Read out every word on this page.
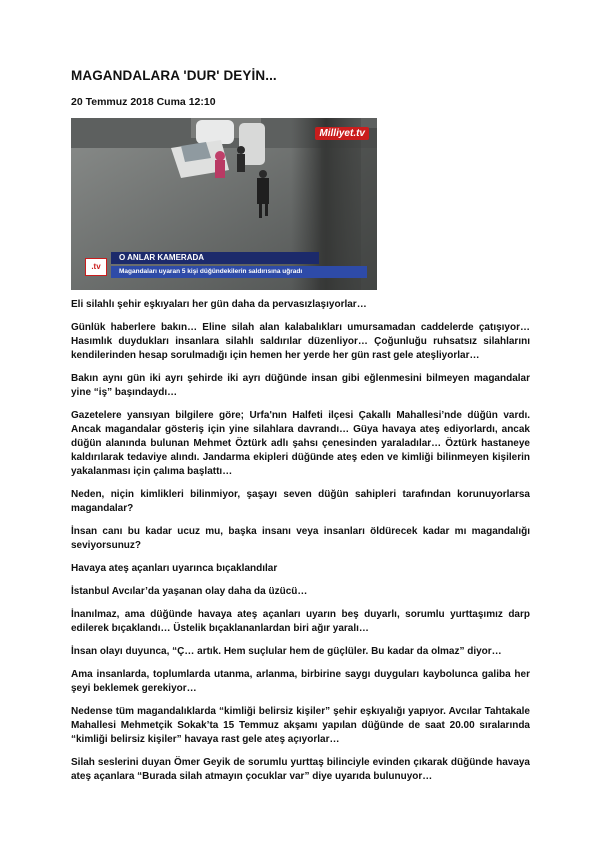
MAGANDALARA 'DUR' DEYİN...
20 Temmuz 2018 Cuma 12:10
Milliyet.tv
.tv
O ANLAR KAMERADA
Magandaları uyaran 5 kişi düğündekilerin saldırısına uğradı

Eli silahlı şehir eşkıyaları her gün daha da pervasızlaşıyorlar…

Günlük haberlere bakın… Eline silah alan kalabalıkları umursamadan caddelerde çatışıyor… Hasımlık duydukları insanlara silahlı saldırılar düzenliyor… Çoğunluğu ruhsatsız silahlarını kendilerinden hesap sorulmadığı için hemen her yerde her gün rast gele ateşliyorlar…

Bakın aynı gün iki ayrı şehirde iki ayrı düğünde insan gibi eğlenmesini bilmeyen magandalar yine “iş” başındaydı…

Gazetelere yansıyan bilgilere göre; Urfa'nın Halfeti ilçesi Çakallı Mahallesi’nde düğün vardı. Ancak magandalar gösteriş için yine silahlara davrandı… Güya havaya ateş ediyorlardı, ancak düğün alanında bulunan Mehmet Öztürk adlı şahsı çenesinden yaraladılar… Öztürk hastaneye kaldırılarak tedaviye alındı. Jandarma ekipleri düğünde ateş eden ve kimliği bilinmeyen kişilerin yakalanması için çalıma başlattı…

Neden, niçin kimlikleri bilinmiyor, şaşayı seven düğün sahipleri tarafından korunuyorlarsa magandalar?

İnsan canı bu kadar ucuz mu, başka insanı veya insanları öldürecek kadar mı magandalığı seviyorsunuz?

Havaya ateş açanları uyarınca bıçaklandılar

İstanbul Avcılar’da yaşanan olay daha da üzücü…

İnanılmaz, ama düğünde havaya ateş açanları uyarın beş duyarlı, sorumlu yurttaşımız darp edilerek bıçaklandı… Üstelik bıçaklananlardan biri ağır yaralı…

İnsan olayı duyunca, “Ç… artık. Hem suçlular hem de güçlüler. Bu kadar da olmaz” diyor…

Ama insanlarda, toplumlarda utanma, arlanma, birbirine saygı duyguları kaybolunca galiba her şeyi beklemek gerekiyor…

Nedense tüm magandalıklarda “kimliği belirsiz kişiler” şehir eşkıyalığı yapıyor. Avcılar Tahtakale Mahallesi Mehmetçik Sokak’ta 15 Temmuz akşamı yapılan düğünde de saat 20.00 sıralarında “kimliği belirsiz kişiler” havaya rast gele ateş açıyorlar…

Silah seslerini duyan Ömer Geyik de sorumlu yurttaş bilinciyle evinden çıkarak düğünde havaya ateş açanlara “Burada silah atmayın çocuklar var” diye uyarıda bulunuyor…
